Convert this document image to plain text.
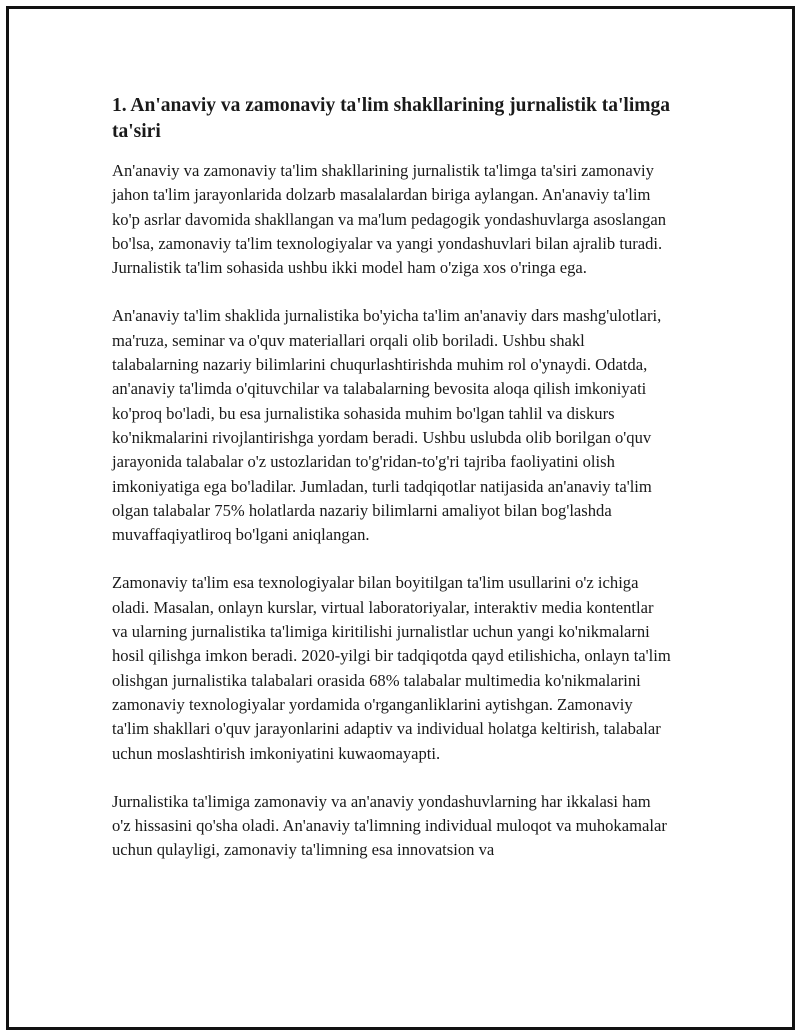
1. An'anaviy va zamonaviy ta'lim shakllarining jurnalistik ta'limga ta'siri

An'anaviy va zamonaviy ta'lim shakllarining jurnalistik ta'limga ta'siri zamonaviy jahon ta'lim jarayonlarida dolzarb masalalardan biriga aylangan. An'anaviy ta'lim ko'p asrlar davomida shakllangan va ma'lum pedagogik yondashuvlarga asoslangan bo'lsa, zamonaviy ta'lim texnologiyalar va yangi yondashuvlari bilan ajralib turadi. Jurnalistik ta'lim sohasida ushbu ikki model ham o'ziga xos o'ringa ega.

An'anaviy ta'lim shaklida jurnalistika bo'yicha ta'lim an'anaviy dars mashg'ulotlari, ma'ruza, seminar va o'quv materiallari orqali olib boriladi. Ushbu shakl talabalarning nazariy bilimlarini chuqurlashtirishda muhim rol o'ynaydi. Odatda, an'anaviy ta'limda o'qituvchilar va talabalarning bevosita aloqa qilish imkoniyati ko'proq bo'ladi, bu esa jurnalistika sohasida muhim bo'lgan tahlil va diskurs ko'nikmalarini rivojlantirishga yordam beradi. Ushbu uslubda olib borilgan o'quv jarayonida talabalar o'z ustozlaridan to'g'ridan-to'g'ri tajriba faoliyatini olish imkoniyatiga ega bo'ladilar. Jumladan, turli tadqiqotlar natijasida an'anaviy ta'lim olgan talabalar 75% holatlarda nazariy bilimlarni amaliyot bilan bog'lashda muvaffaqiyatliroq bo'lgani aniqlangan.

Zamonaviy ta'lim esa texnologiyalar bilan boyitilgan ta'lim usullarini o'z ichiga oladi. Masalan, onlayn kurslar, virtual laboratoriyalar, interaktiv media kontentlar va ularning jurnalistika ta'limiga kiritilishi jurnalistlar uchun yangi ko'nikmalarni hosil qilishga imkon beradi. 2020-yilgi bir tadqiqotda qayd etilishicha, onlayn ta'lim olishgan jurnalistika talabalari orasida 68% talabalar multimedia ko'nikmalarini zamonaviy texnologiyalar yordamida o'rganganliklarini aytishgan. Zamonaviy ta'lim shakllari o'quv jarayonlarini adaptiv va individual holatga keltirish, talabalar uchun moslashtirish imkoniyatini kuwaomayapti.

Jurnalistika ta'limiga zamonaviy va an'anaviy yondashuvlarning har ikkalasi ham o'z hissasini qo'sha oladi. An'anaviy ta'limning individual muloqot va muhokamalar uchun qulayligi, zamonaviy ta'limning esa innovatsion va
